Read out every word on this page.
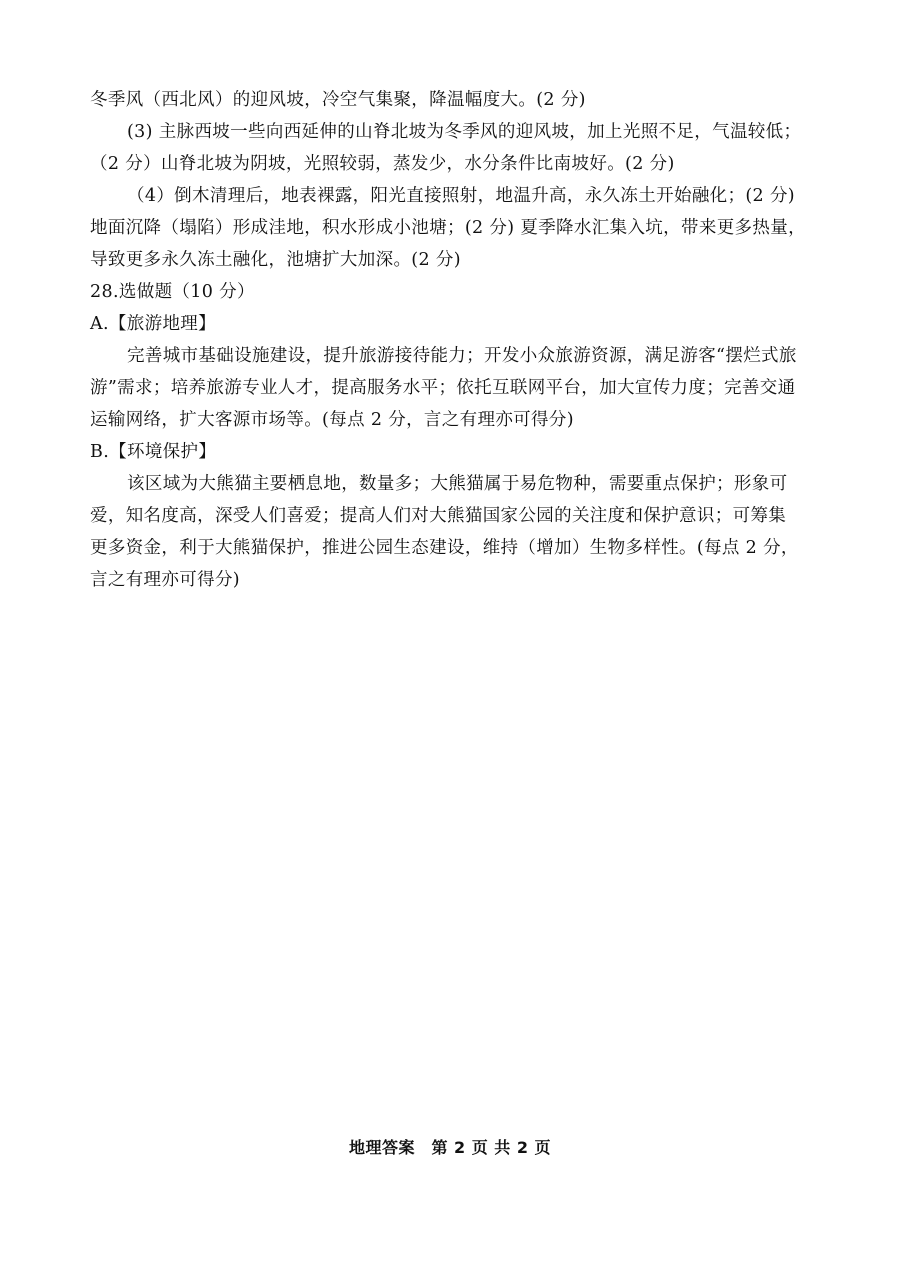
冬季风（西北风）的迎风坡，冷空气集聚，降温幅度大。(2 分)
(3) 主脉西坡一些向西延伸的山脊北坡为冬季风的迎风坡，加上光照不足，气温较低；
（2 分）山脊北坡为阴坡，光照较弱，蒸发少，水分条件比南坡好。(2 分)
（4）倒木清理后，地表裸露，阳光直接照射，地温升高，永久冻土开始融化；(2 分)
地面沉降（塌陷）形成洼地，积水形成小池塘；(2 分) 夏季降水汇集入坑，带来更多热量，
导致更多永久冻土融化，池塘扩大加深。(2 分)
28.选做题（10 分）
A.【旅游地理】
完善城市基础设施建设，提升旅游接待能力；开发小众旅游资源，满足游客“摆烂式旅
游”需求；培养旅游专业人才，提高服务水平；依托互联网平台，加大宣传力度；完善交通
运输网络，扩大客源市场等。(每点 2 分，言之有理亦可得分)
B.【环境保护】
该区域为大熊猫主要栖息地，数量多；大熊猫属于易危物种，需要重点保护；形象可
爱，知名度高，深受人们喜爱；提高人们对大熊猫国家公园的关注度和保护意识；可筹集
更多资金，利于大熊猫保护，推进公园生态建设，维持（增加）生物多样性。(每点 2 分，
言之有理亦可得分)
地理答案　第 2 页 共 2 页
